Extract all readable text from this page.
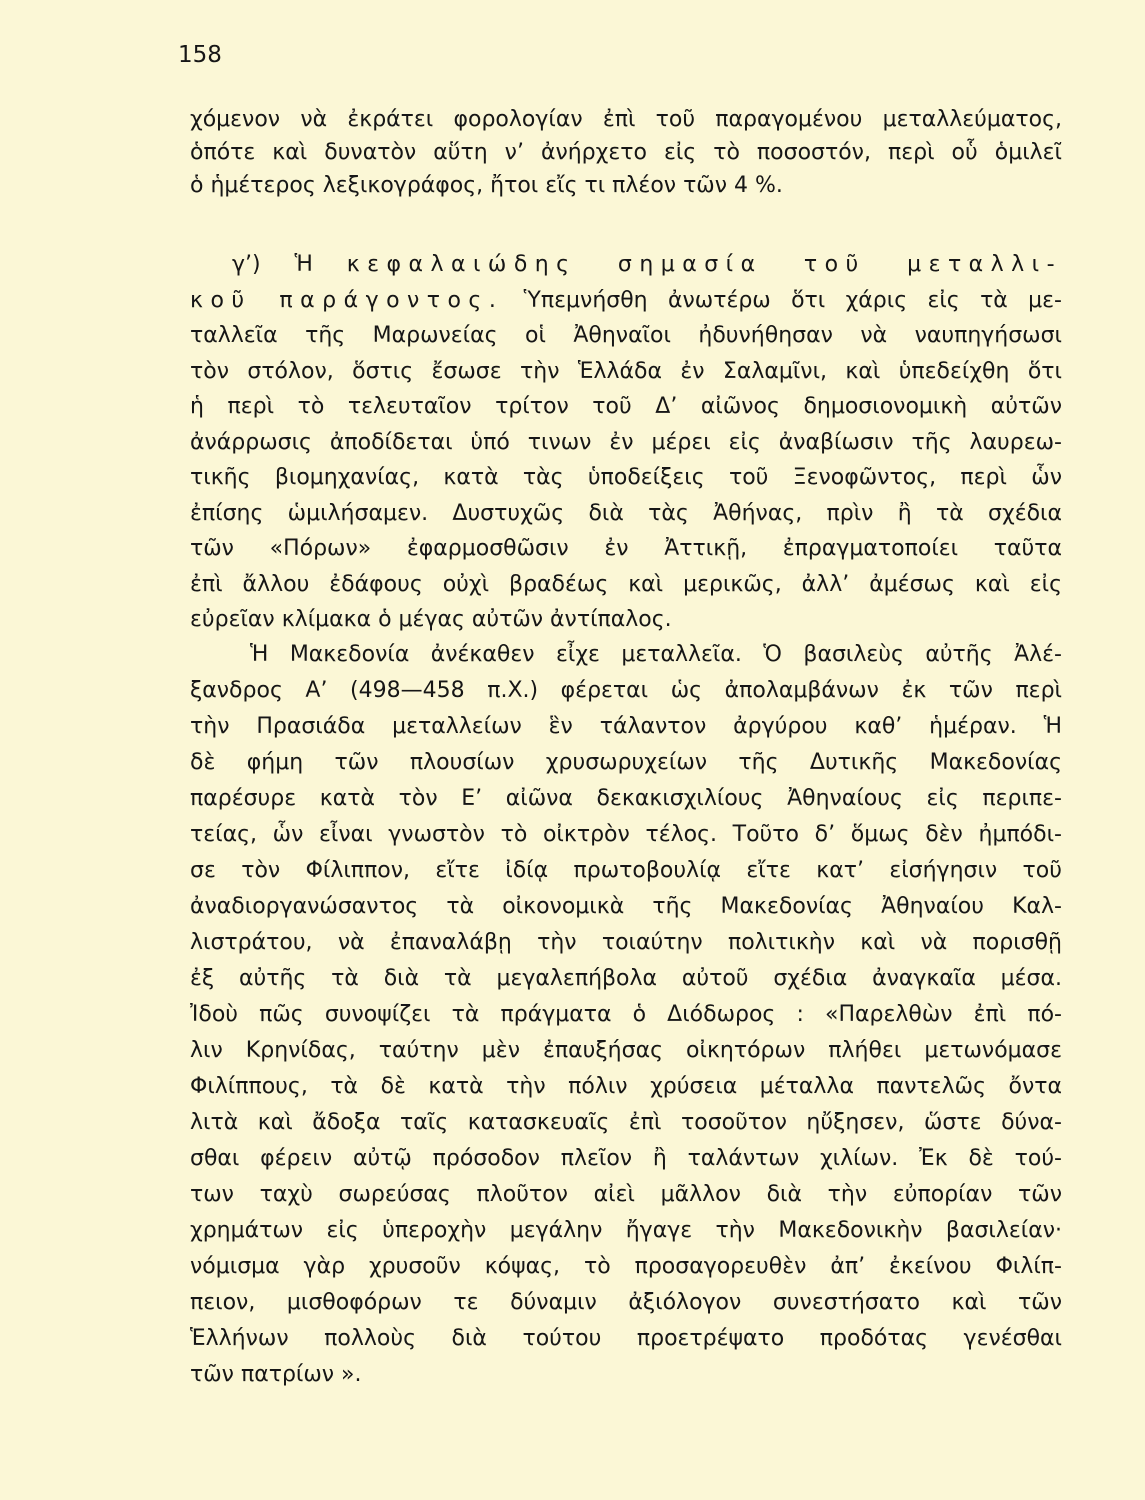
158
χόμενον νὰ ἐκράτει φορολογίαν ἐπὶ τοῦ παραγομένου μεταλλεύματος,
ὁπότε καὶ δυνατὸν αὕτη ν’ ἀνήρχετο εἰς τὸ ποσοστόν, περὶ οὗ ὁμιλεῖ
ὁ ἡμέτερος λεξικογράφος, ἤτοι εἴς τι πλέον τῶν 4 %.
γ’) Ἡ κεφαλαιώδης σημασία τοῦ μεταλλι-
κοῦ παράγοντος. Ὑπεμνήσθη ἀνωτέρω ὅτι χάρις εἰς τὰ με-
ταλλεῖα τῆς Μαρωνείας οἱ Ἀθηναῖοι ἠδυνήθησαν νὰ ναυπηγήσωσι
τὸν στόλον, ὅστις ἔσωσε τὴν Ἑλλάδα ἐν Σαλαμῖνι, καὶ ὑπεδείχθη ὅτι
ἡ περὶ τὸ τελευταῖον τρίτον τοῦ Δ’ αἰῶνος δημοσιονομικὴ αὐτῶν
ἀνάρρωσις ἀποδίδεται ὑπό τινων ἐν μέρει εἰς ἀναβίωσιν τῆς λαυρεω-
τικῆς βιομηχανίας, κατὰ τὰς ὑποδείξεις τοῦ Ξενοφῶντος, περὶ ὧν
ἐπίσης ὡμιλήσαμεν. Δυστυχῶς διὰ τὰς Ἀθήνας, πρὶν ἢ τὰ σχέδια
τῶν «Πόρων» ἐφαρμοσθῶσιν ἐν Ἀττικῇ, ἐπραγματοποίει ταῦτα
ἐπὶ ἄλλου ἐδάφους οὐχὶ βραδέως καὶ μερικῶς, ἀλλ’ ἀμέσως καὶ εἰς
εὐρεῖαν κλίμακα ὁ μέγας αὐτῶν ἀντίπαλος.
Ἡ Μακεδονία ἀνέκαθεν εἶχε μεταλλεῖα. Ὁ βασιλεὺς αὐτῆς Ἀλέ-
ξανδρος Α’ (498—458 π.Χ.) φέρεται ὡς ἀπολαμβάνων ἐκ τῶν περὶ
τὴν Πρασιάδα μεταλλείων ἓν τάλαντον ἀργύρου καθ’ ἡμέραν. Ἡ
δὲ φήμη τῶν πλουσίων χρυσωρυχείων τῆς Δυτικῆς Μακεδονίας
παρέσυρε κατὰ τὸν Ε’ αἰῶνα δεκακισχιλίους Ἀθηναίους εἰς περιπε-
τείας, ὧν εἶναι γνωστὸν τὸ οἰκτρὸν τέλος. Τοῦτο δ’ ὅμως δὲν ἠμπόδι-
σε τὸν Φίλιππον, εἴτε ἰδίᾳ πρωτοβουλίᾳ εἴτε κατ’ εἰσήγησιν τοῦ
ἀναδιοργανώσαντος τὰ οἰκονομικὰ τῆς Μακεδονίας Ἀθηναίου Καλ-
λιστράτου, νὰ ἐπαναλάβῃ τὴν τοιαύτην πολιτικὴν καὶ νὰ πορισθῇ
ἐξ αὐτῆς τὰ διὰ τὰ μεγαλεπήβολα αὐτοῦ σχέδια ἀναγκαῖα μέσα.
Ἰδοὺ πῶς συνοψίζει τὰ πράγματα ὁ Διόδωρος : «Παρελθὼν ἐπὶ πό-
λιν Κρηνίδας, ταύτην μὲν ἐπαυξήσας οἰκητόρων πλήθει μετωνόμασε
Φιλίππους, τὰ δὲ κατὰ τὴν πόλιν χρύσεια μέταλλα παντελῶς ὄντα
λιτὰ καὶ ἄδοξα ταῖς κατασκευαῖς ἐπὶ τοσοῦτον ηὔξησεν, ὥστε δύνα-
σθαι φέρειν αὐτῷ πρόσοδον πλεῖον ἢ ταλάντων χιλίων. Ἐκ δὲ τού-
των ταχὺ σωρεύσας πλοῦτον αἰεὶ μᾶλλον διὰ τὴν εὐπορίαν τῶν
χρημάτων εἰς ὑπεροχὴν μεγάλην ἤγαγε τὴν Μακεδονικὴν βασιλείαν·
νόμισμα γὰρ χρυσοῦν κόψας, τὸ προσαγορευθὲν ἀπ’ ἐκείνου Φιλίπ-
πειον, μισθοφόρων τε δύναμιν ἀξιόλογον συνεστήσατο καὶ τῶν
Ἑλλήνων πολλοὺς διὰ τούτου προετρέψατο προδότας γενέσθαι
τῶν πατρίων ».
